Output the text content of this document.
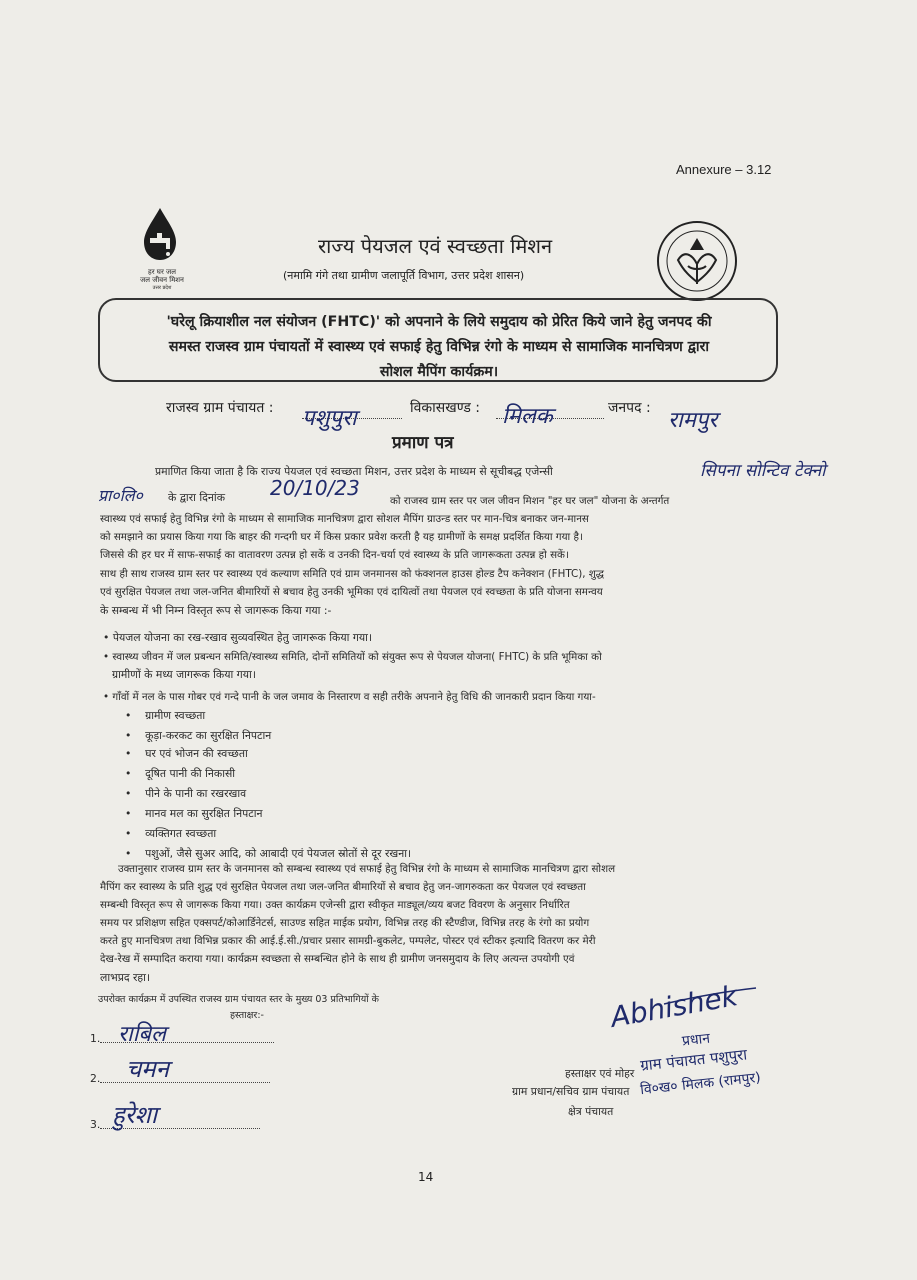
Annexure – 3.12
हर घर जल
जल जीवन मिशन
उत्तर प्रदेश
राज्य पेयजल एवं स्वच्छता मिशन
(नमामि गंगे तथा ग्रामीण जलापूर्ति विभाग, उत्तर प्रदेश शासन)
'घरेलू क्रियाशील नल संयोजन (FHTC)' को अपनाने के लिये समुदाय को प्रेरित किये जाने हेतु जनपद की
समस्त राजस्व ग्राम पंचायतों में स्वास्थ्य एवं सफाई हेतु विभिन्न रंगो के माध्यम से सामाजिक मानचित्रण द्वारा
सोशल मैपिंग कार्यक्रम।
राजस्व ग्राम पंचायत : पशुपुरा	विकासखण्ड : मिलक	जनपद : रामपुर
प्रमाण पत्र
प्रमाणित किया जाता है कि राज्य पेयजल एवं स्वच्छता मिशन, उत्तर प्रदेश के माध्यम से सूचीबद्ध एजेन्सी	सिपना सोन्टिव टेक्नो
प्रा०लि० के द्वारा दिनांक	20/10/23
को राजस्व ग्राम स्तर पर जल जीवन मिशन "हर घर जल" योजना के अन्तर्गत
स्वास्थ्य एवं सफाई हेतु विभिन्न रंगो के माध्यम से सामाजिक मानचित्रण द्वारा सोशल मैपिंग ग्राउन्ड स्तर पर मान-चित्र बनाकर जन-मानस
को समझाने का प्रयास किया गया कि बाहर की गन्दगी घर में किस प्रकार प्रवेश करती है यह ग्रामीणों के समक्ष प्रदर्शित किया गया है।
जिससे की हर घर में साफ-सफाई का वातावरण उत्पन्न हो सकें व उनकी दिन-चर्या एवं स्वास्थ्य के प्रति जागरूकता उत्पन्न हो सकें।
साथ ही साथ राजस्व ग्राम स्तर पर स्वास्थ्य एवं कल्याण समिति एवं ग्राम जनमानस को फंक्शनल हाउस होल्ड टैप कनेक्शन (FHTC), शुद्ध
एवं सुरक्षित पेयजल तथा जल-जनित बीमारियों से बचाव हेतु उनकी भूमिका एवं दायित्वों तथा पेयजल एवं स्वच्छता के प्रति योजना समन्वय
के सम्बन्ध में भी निम्न विस्तृत रूप से जागरूक किया गया :-
• पेयजल योजना का रख-रखाव सुव्यवस्थित हेतु जागरूक किया गया।
• स्वास्थ्य जीवन में जल प्रबन्धन समिति/स्वास्थ्य समिति, दोनों समितियों को संयुक्त रूप से पेयजल योजना( FHTC) के प्रति भूमिका को
ग्रामीणों के मध्य जागरूक किया गया।
• गाँवों में नल के पास गोबर एवं गन्दे पानी के जल जमाव के निस्तारण व सही तरीके अपनाने हेतु विधि की जानकारी प्रदान किया गया-
•    ग्रामीण स्वच्छता
•    कूड़ा-करकट का सुरक्षित निपटान
•    घर एवं भोजन की स्वच्छता
•    दूषित पानी की निकासी
•    पीने के पानी का रखरखाव
•    मानव मल का सुरक्षित निपटान
•    व्यक्तिगत स्वच्छता
•    पशुओं, जैसे सुअर आदि, को आबादी एवं पेयजल स्रोतों से दूर रखना।
उक्तानुसार राजस्व ग्राम स्तर के जनमानस को सम्बन्ध स्वास्थ्य एवं सफाई हेतु विभिन्न रंगो के माध्यम से सामाजिक मानचित्रण द्वारा सोशल
मैपिंग कर स्वास्थ्य के प्रति शुद्ध एवं सुरक्षित पेयजल तथा जल-जनित बीमारियों से बचाव हेतु जन-जागरुकता कर पेयजल एवं स्वच्छता
सम्बन्धी विस्तृत रूप से जागरूक किया गया। उक्त कार्यक्रम एजेन्सी द्वारा स्वीकृत माड्यूल/व्यय बजट विवरण के अनुसार निर्धारित
समय पर प्रशिक्षण सहित एक्सपर्ट/कोआर्डिनेटर्स, साउण्ड सहित माईक प्रयोग, विभिन्न तरह की स्टैण्डीज, विभिन्न तरह के रंगो का प्रयोग
करते हुए मानचित्रण तथा विभिन्न प्रकार की आई.ई.सी./प्रचार प्रसार सामग्री-बुकलेट, पम्पलेट, पोस्टर एवं स्टीकर इत्यादि वितरण कर मेरी
देख-रेख में सम्पादित कराया गया। कार्यक्रम स्वच्छता से सम्बन्धित होने के साथ ही ग्रामीण जनसमुदाय के लिए अत्यन्त उपयोगी एवं
लाभप्रद रहा।
उपरोक्त कार्यक्रम में उपस्थित राजस्व ग्राम पंचायत स्तर के मुख्य 03 प्रतिभागियों के
हस्ताक्षर:-
1. राबिल
2. चमन
3. हुरेशा
Abhishek
प्रधान
ग्राम पंचायत पशुपुरा
वि०ख० मिलक (रामपुर)
हस्ताक्षर एवं मोहर
ग्राम प्रधान/सचिव ग्राम पंचायत
क्षेत्र पंचायत
14
